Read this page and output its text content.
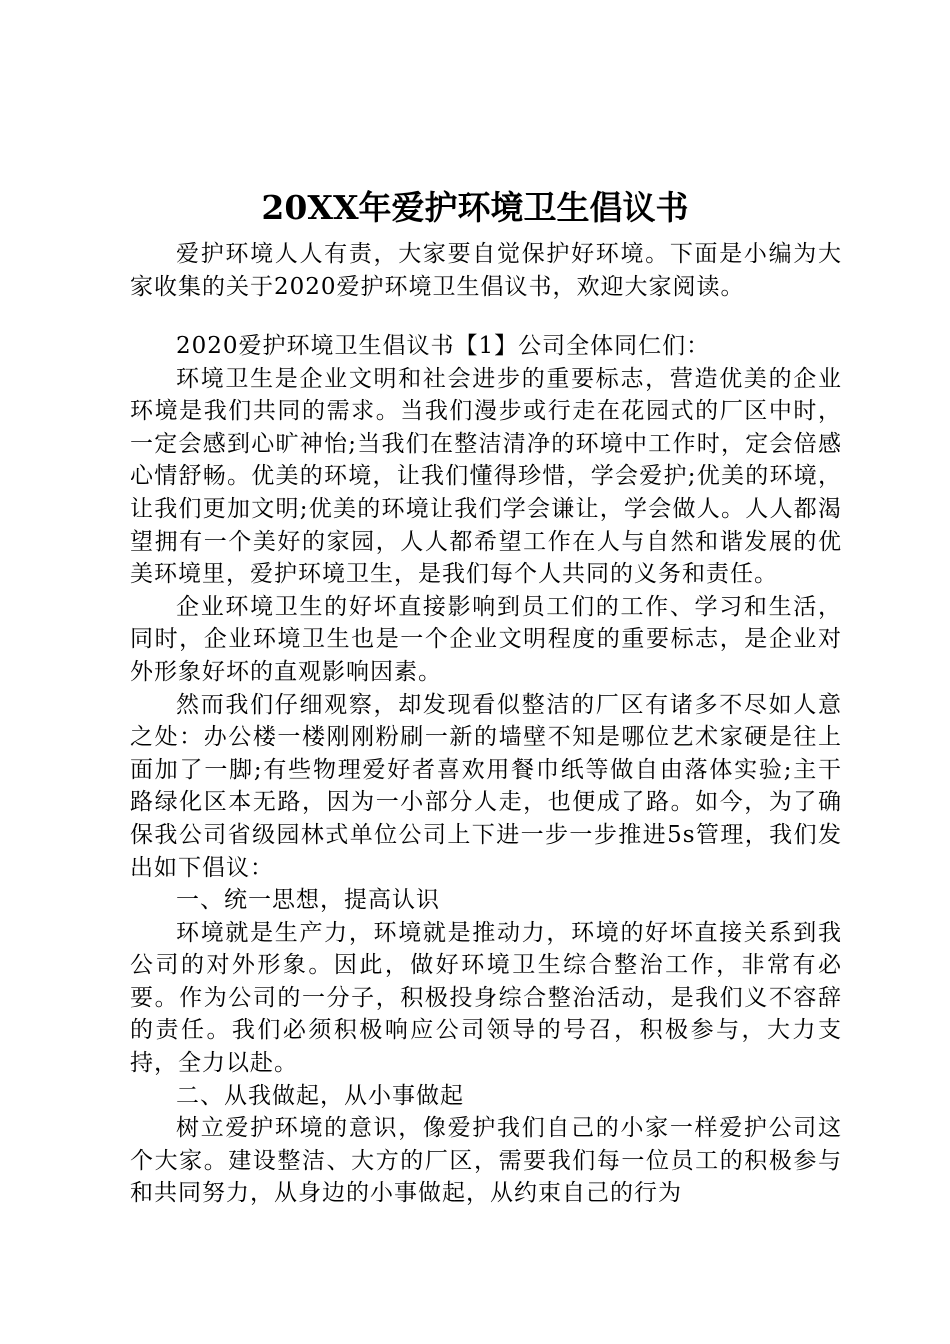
20XX年爱护环境卫生倡议书

爱护环境人人有责，大家要自觉保护好环境。下面是小编为大家收集的关于2020爱护环境卫生倡议书，欢迎大家阅读。

2020爱护环境卫生倡议书【1】公司全体同仁们：

环境卫生是企业文明和社会进步的重要标志，营造优美的企业环境是我们共同的需求。当我们漫步或行走在花园式的厂区中时，一定会感到心旷神怡;当我们在整洁清净的环境中工作时，定会倍感心情舒畅。优美的环境，让我们懂得珍惜，学会爱护;优美的环境，让我们更加文明;优美的环境让我们学会谦让，学会做人。人人都渴望拥有一个美好的家园，人人都希望工作在人与自然和谐发展的优美环境里，爱护环境卫生，是我们每个人共同的义务和责任。

企业环境卫生的好坏直接影响到员工们的工作、学习和生活，同时，企业环境卫生也是一个企业文明程度的重要标志，是企业对外形象好坏的直观影响因素。

然而我们仔细观察，却发现看似整洁的厂区有诸多不尽如人意之处：办公楼一楼刚刚粉刷一新的墙壁不知是哪位艺术家硬是往上面加了一脚;有些物理爱好者喜欢用餐巾纸等做自由落体实验;主干路绿化区本无路，因为一小部分人走，也便成了路。如今，为了确保我公司省级园林式单位公司上下进一步一步推进5s管理，我们发出如下倡议：

一、统一思想，提高认识

环境就是生产力，环境就是推动力，环境的好坏直接关系到我公司的对外形象。因此，做好环境卫生综合整治工作，非常有必要。作为公司的一分子，积极投身综合整治活动，是我们义不容辞的责任。我们必须积极响应公司领导的号召，积极参与，大力支持，全力以赴。

二、从我做起，从小事做起

树立爱护环境的意识，像爱护我们自己的小家一样爱护公司这个大家。建设整洁、大方的厂区，需要我们每一位员工的积极参与和共同努力，从身边的小事做起，从约束自己的行为
